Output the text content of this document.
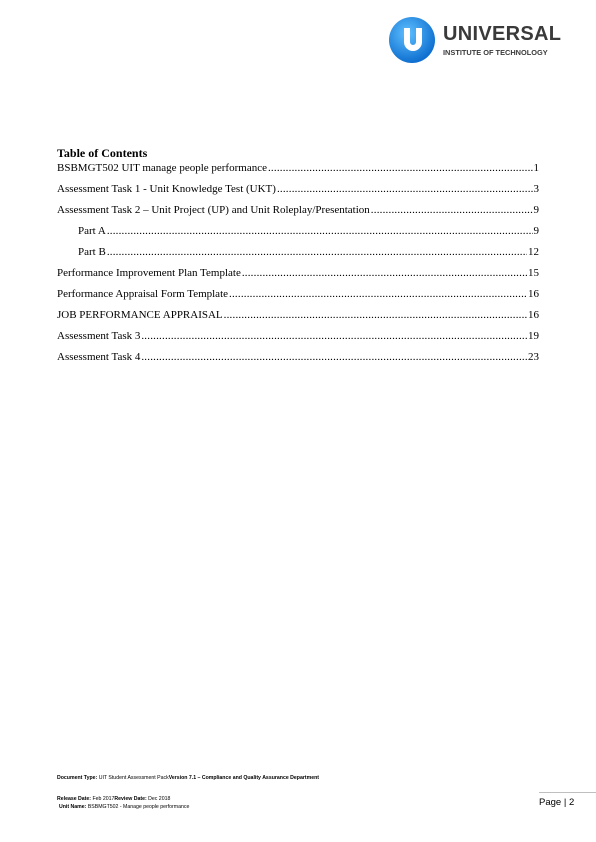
UNIVERSAL
INSTITUTE OF TECHNOLOGY
Table of Contents
BSBMGT502 UIT manage people performance .....	1
Assessment Task 1 - Unit Knowledge Test (UKT) .....	3
Assessment Task 2 – Unit Project (UP) and Unit Roleplay/Presentation .....	9
Part A .....	9
Part B .....	12
Performance Improvement Plan Template .....	15
Performance Appraisal Form Template .....	16
JOB PERFORMANCE APPRAISAL .....	16
Assessment Task 3 .....	19
Assessment Task 4 .....	23
Document Type: UIT Student Assessment PackVersion 7.1 – Compliance and Quality Assurance Department
Release Date: Feb 2017Review Date: Dec 2018
Unit Name: BSBMGT502 - Manage people performance	Page | 2
